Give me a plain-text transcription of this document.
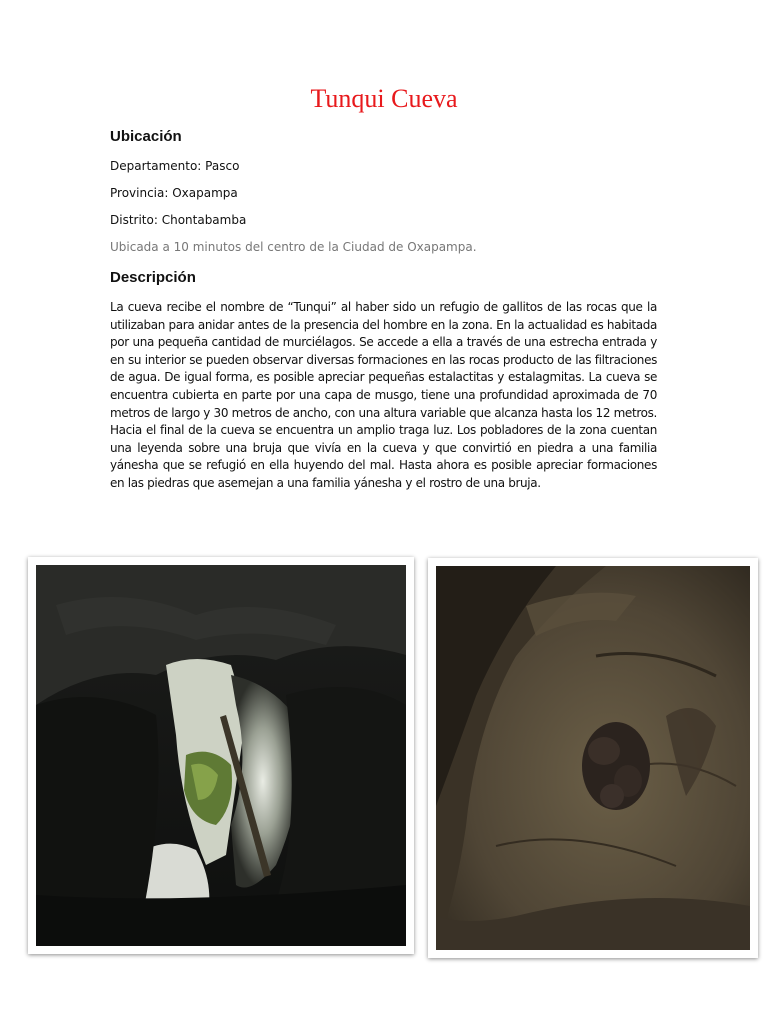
Tunqui Cueva
Ubicación
Departamento: Pasco
Provincia: Oxapampa
Distrito: Chontabamba
Ubicada a 10 minutos del centro de la Ciudad de Oxapampa.
Descripción
La cueva recibe el nombre de “Tunqui” al haber sido un refugio de gallitos de las rocas que la utilizaban para anidar antes de la presencia del hombre en la zona. En la actualidad es habitada por una pequeña cantidad de murciélagos. Se accede a ella a través de una estrecha entrada y en su interior se pueden observar diversas formaciones en las rocas producto de las filtraciones de agua. De igual forma, es posible apreciar pequeñas estalactitas y estalagmitas. La cueva se encuentra cubierta en parte por una capa de musgo, tiene una profundidad aproximada de 70 metros de largo y 30 metros de ancho, con una altura variable que alcanza hasta los 12 metros. Hacia el final de la cueva se encuentra un amplio traga luz. Los pobladores de la zona cuentan una leyenda sobre una bruja que vivía en la cueva y que convirtió en piedra a una familia yánesha que se refugió en ella huyendo del mal. Hasta ahora es posible apreciar formaciones en las piedras que asemejan a una familia yánesha y el rostro de una bruja.
